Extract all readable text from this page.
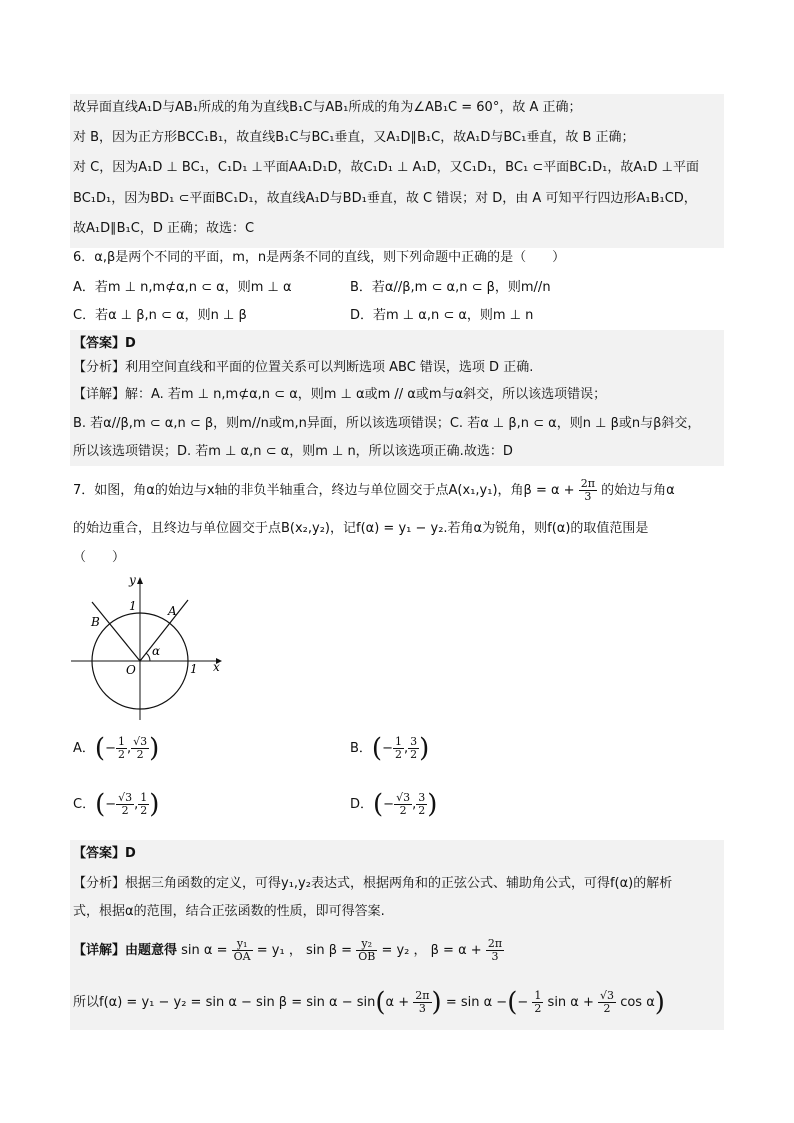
故异面直线A₁D与AB₁所成的角为直线B₁C与AB₁所成的角为∠AB₁C = 60°，故 A 正确；
对 B，因为正方形BCC₁B₁，故直线B₁C与BC₁垂直，又A₁D∥B₁C，故A₁D与BC₁垂直，故 B 正确；
对 C，因为A₁D ⊥ BC₁，C₁D₁ ⊥平面AA₁D₁D，故C₁D₁ ⊥ A₁D，又C₁D₁，BC₁ ⊂平面BC₁D₁，故A₁D ⊥平面
BC₁D₁，因为BD₁ ⊂平面BC₁D₁，故直线A₁D与BD₁垂直，故 C 错误；对 D，由 A 可知平行四边形A₁B₁CD，
故A₁D∥B₁C，D 正确；故选：C
6．α,β是两个不同的平面，m，n是两条不同的直线，则下列命题中正确的是（　　）
A．若m ⊥ n,m⊄α,n ⊂ α，则m ⊥ α	B．若α//β,m ⊂ α,n ⊂ β，则m//n
C．若α ⊥ β,n ⊂ α，则n ⊥ β	D．若m ⊥ α,n ⊂ α，则m ⊥ n
【答案】D
【分析】利用空间直线和平面的位置关系可以判断选项 ABC 错误，选项 D 正确.
【详解】解：A. 若m ⊥ n,m⊄α,n ⊂ α，则m ⊥ α或m // α或m与α斜交，所以该选项错误；
B. 若α//β,m ⊂ α,n ⊂ β，则m//n或m,n异面，所以该选项错误；C. 若α ⊥ β,n ⊂ α，则n ⊥ β或n与β斜交，
所以该选项错误；D. 若m ⊥ α,n ⊂ α，则m ⊥ n，所以该选项正确.故选：D
7．如图，角α的始边与x轴的非负半轴重合，终边与单位圆交于点A(x₁,y₁)，角$\beta = \alpha + \frac{2\pi}{3}$ 的始边与角α
的始边重合，且终边与单位圆交于点B(x₂,y₂)，记f(α) = y₁ − y₂.若角α为锐角，则f(α)的取值范围是
（　　）
y
x
1
1
O
A
B
α
A．(− $\frac{1}{2}$ , $\frac{√3}{2}$ )	B．(− $\frac{1}{2}$ , $\frac{3}{2}$ )
C．(− $\frac{√3}{2}$ , $\frac{1}{2}$ )	D．(− $\frac{√3}{2}$ , $\frac{3}{2}$ )
【答案】D
【分析】根据三角函数的定义，可得y₁,y₂表达式，根据两角和的正弦公式、辅助角公式，可得f(α)的解析
式，根据α的范围，结合正弦函数的性质，即可得答案.
【详解】由题意得 $\sin \alpha = \frac{\text{y₁}}{OA} = y_1$ ， $\sin \beta = \frac{\text{y₂}}{OB} = y_2$ ， $\beta = \alpha + \frac{2\pi}{3}$
所以$f(\alpha) = y_1 - y_2 = \sin \alpha - \sin \beta = \sin \alpha - \sin(\alpha + \frac{2\pi}{3}$ ) = sin α −(− $\frac{1}{2}$ $\sin \alpha + \frac{√3}{2}$ cos α)
